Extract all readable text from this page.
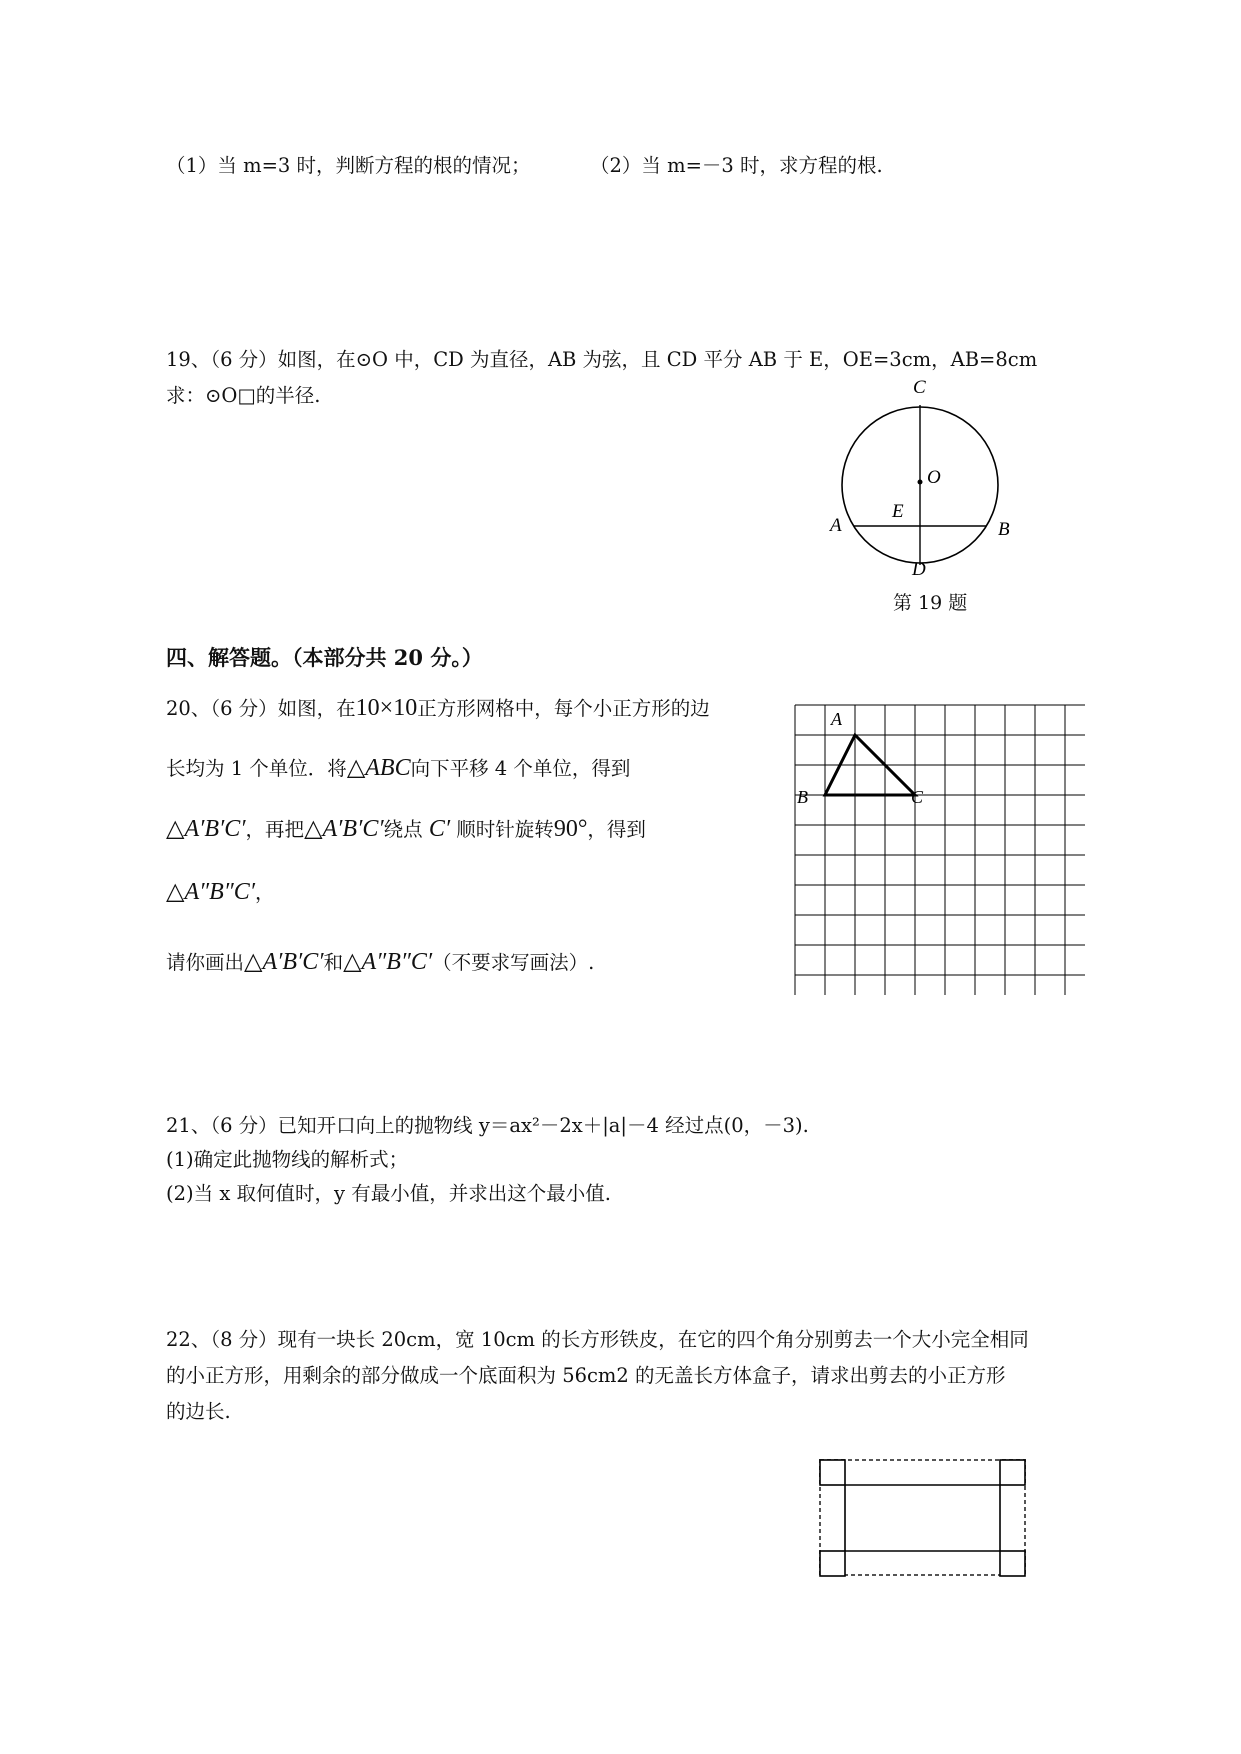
（1）当 m=3 时，判断方程的根的情况；	（2）当 m=－3 时，求方程的根.
19、（6 分）如图，在⊙O 中，CD 为直径，AB 为弦，且 CD 平分 AB 于 E，OE=3cm，AB=8cm
求：⊙O□的半径.	C
O
E
A	B
D
第 19 题
四、解答题。（本部分共 20 分。）
20、（6 分）如图，在10×10正方形网格中，每个小正方形的边
长均为 1 个单位．将△ABC向下平移 4 个单位，得到
△A′B′C′，再把△A′B′C′绕点 C′ 顺时针旋转90°，得到
△A″B″C′，
请你画出△A′B′C′和△A″B″C′（不要求写画法）.
A
B	C
21、（6 分）已知开口向上的抛物线 y＝ax²－2x＋|a|－4 经过点(0，－3).
(1)确定此抛物线的解析式；
(2)当 x 取何值时，y 有最小值，并求出这个最小值.
22、（8 分）现有一块长 20cm，宽 10cm 的长方形铁皮，在它的四个角分别剪去一个大小完全相同
的小正方形，用剩余的部分做成一个底面积为 56cm2 的无盖长方体盒子，请求出剪去的小正方形
的边长.
